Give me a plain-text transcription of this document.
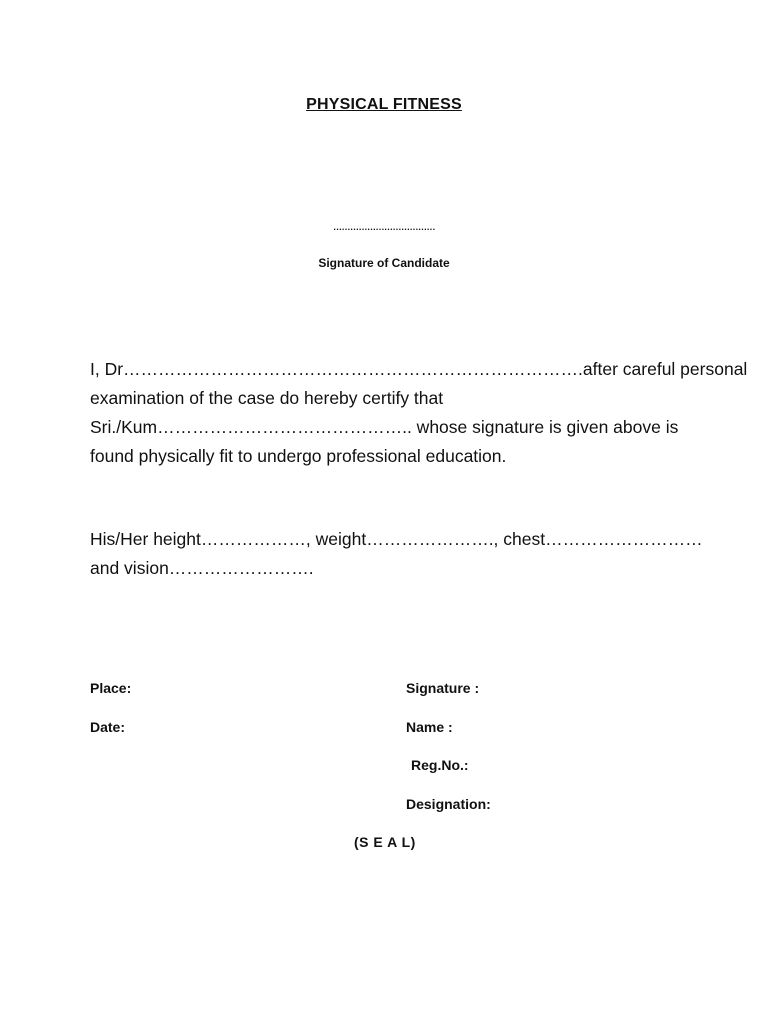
PHYSICAL FITNESS
………………………………
Signature of Candidate
I, Dr…………………………………………………………………….after careful personal
examination of the case do hereby certify that
Sri./Kum…………………………………….. whose signature is given above is
found physically fit to undergo professional education.
His/Her height………………, weight…………………., chest………………………
and vision…………………….
Place:
Date:
Signature :
Name :
Reg.No.:
Designation:
(S E A L)
